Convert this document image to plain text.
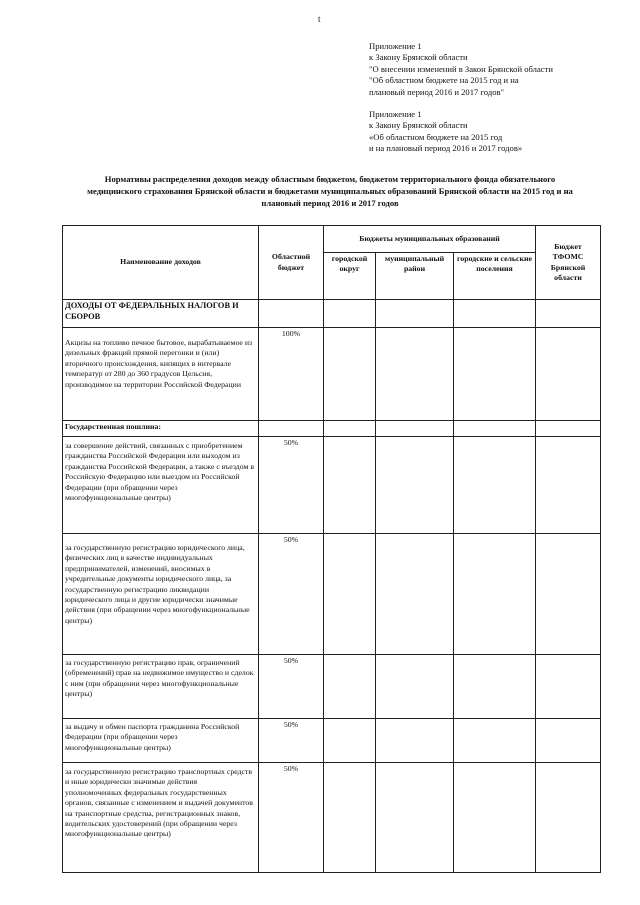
t
Приложение 1
к Закону Брянской области
"О внесении изменений в Закон Брянской области
"Об областном бюджете на 2015 год и на
плановый период 2016 и 2017 годов"
Приложение 1
к Закону Брянской области
«Об областном бюджете на 2015 год
и на плановый период 2016 и 2017 годов»
Нормативы распределения доходов между областным бюджетом, бюджетом территориального фонда обязательного
медицинского страхования Брянской области и бюджетами муниципальных образований Брянской области на 2015 год и на
плановый период 2016 и 2017 годов
Наименование доходов	Областной бюджет	Бюджеты муниципальных образований			Бюджет ТФОМС Брянской области
		городской округ	муниципальный район	городские и сельские поселения	
ДОХОДЫ ОТ ФЕДЕРАЛЬНЫХ НАЛОГОВ И СБОРОВ					
Акцизы на топливо печное бытовое, вырабатываемое из дизельных фракций прямой перегонки и (или) вторичного происхождения, кипящих в интервале температур от 280 до 360 градусов Цельсия, производимое на территории Российской Федерации	100%				
Государственная пошлина:					
за совершение действий, связанных с приобретением гражданства Российской Федерации или выходом из гражданства Российской Федерации, а также с въездом в Российскую Федерацию или выездом из Российской Федерации (при обращении через многофункциональные центры)	50%				
за государственную регистрацию юридического лица, физических лиц в качестве индивидуальных предпринимателей, изменений, вносимых в учредительные документы юридического лица, за государственную регистрацию ликвидации юридического лица и другие юридически значимые действия (при обращении через многофункциональные центры)	50%				
за государственную регистрацию прав, ограничений (обременений) прав на недвижимое имущество и сделок с ним (при обращении через многофункциональные центры)	50%				
за выдачу и обмен паспорта гражданина Российской Федерации (при обращении через многофункциональные центры)	50%				
за государственную регистрацию транспортных средств и иные юридически значимые действия уполномоченных федеральных государственных органов, связанные с изменением и выдачей документов на транспортные средства, регистрационных знаков, водительских удостоверений (при обращении через многофункциональные центры)	50%				
